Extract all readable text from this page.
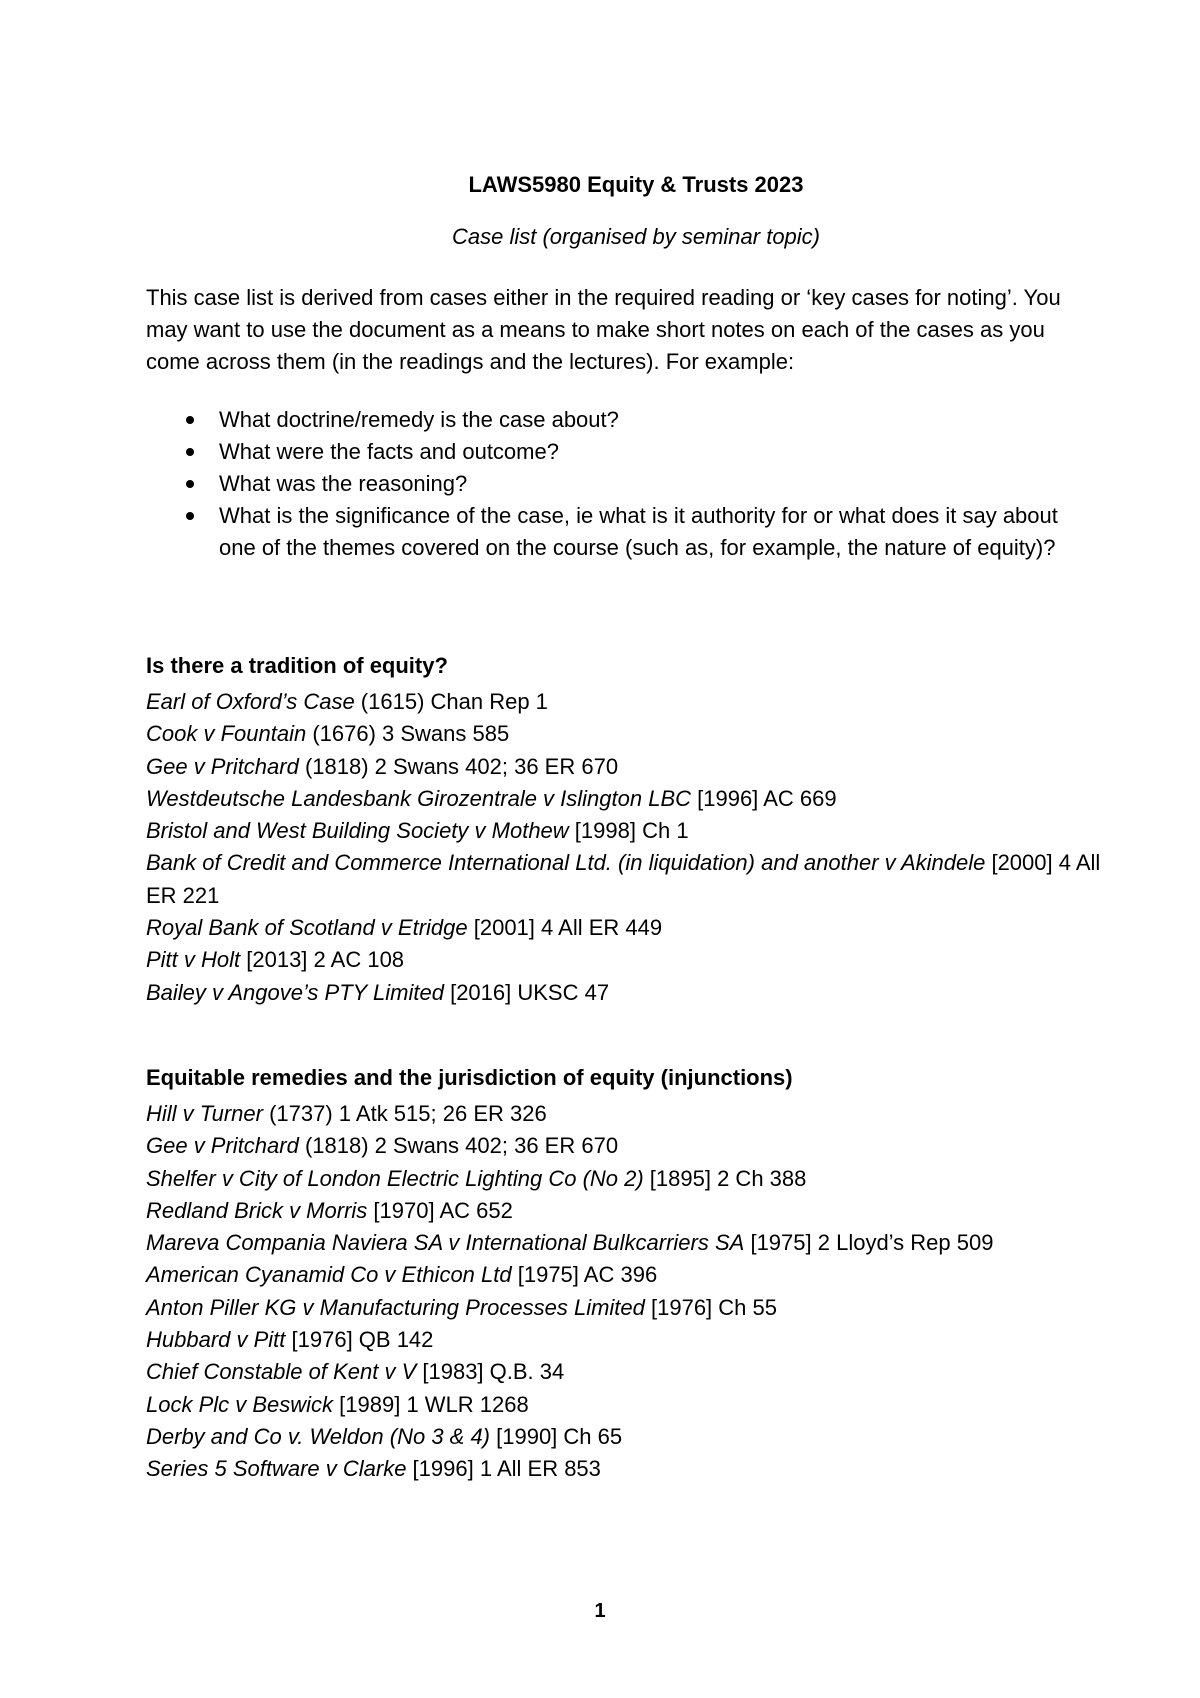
LAWS5980 Equity & Trusts 2023

Case list (organised by seminar topic)

This case list is derived from cases either in the required reading or ‘key cases for noting’. You may want to use the document as a means to make short notes on each of the cases as you come across them (in the readings and the lectures). For example:

What doctrine/remedy is the case about?
What were the facts and outcome?
What was the reasoning?
What is the significance of the case, ie what is it authority for or what does it say about one of the themes covered on the course (such as, for example, the nature of equity)?
Is there a tradition of equity?
Earl of Oxford’s Case (1615) Chan Rep 1
Cook v Fountain (1676) 3 Swans 585
Gee v Pritchard (1818) 2 Swans 402; 36 ER 670
Westdeutsche Landesbank Girozentrale v Islington LBC [1996] AC 669
Bristol and West Building Society v Mothew [1998] Ch 1
Bank of Credit and Commerce International Ltd. (in liquidation) and another v Akindele [2000] 4 All ER 221
Royal Bank of Scotland v Etridge [2001] 4 All ER 449
Pitt v Holt [2013] 2 AC 108
Bailey v Angove’s PTY Limited [2016] UKSC 47
Equitable remedies and the jurisdiction of equity (injunctions)
Hill v Turner (1737) 1 Atk 515; 26 ER 326
Gee v Pritchard (1818) 2 Swans 402; 36 ER 670
Shelfer v City of London Electric Lighting Co (No 2) [1895] 2 Ch 388
Redland Brick v Morris [1970] AC 652
Mareva Compania Naviera SA v International Bulkcarriers SA [1975] 2 Lloyd’s Rep 509
American Cyanamid Co v Ethicon Ltd [1975] AC 396
Anton Piller KG v Manufacturing Processes Limited [1976] Ch 55
Hubbard v Pitt [1976] QB 142
Chief Constable of Kent v V [1983] Q.B. 34
Lock Plc v Beswick [1989] 1 WLR 1268
Derby and Co v. Weldon (No 3 & 4) [1990] Ch 65
Series 5 Software v Clarke [1996] 1 All ER 853
1
